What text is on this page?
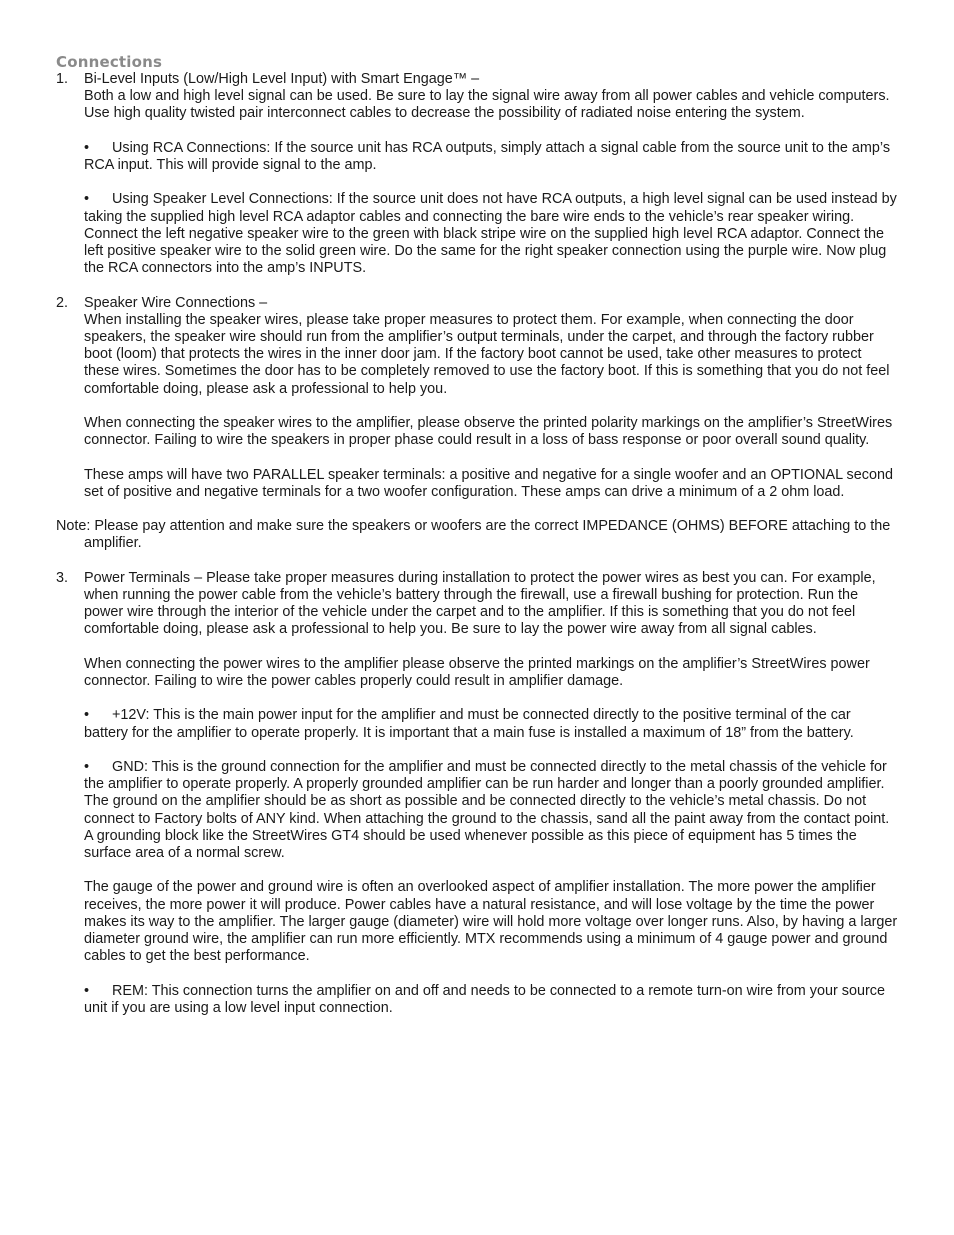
Connections
1. Bi-Level Inputs (Low/High Level Input) with Smart Engage™ –

Both a low and high level signal can be used. Be sure to lay the signal wire away from all power cables and vehicle computers. Use high quality twisted pair interconnect cables to decrease the possibility of radiated noise entering the system.

• Using RCA Connections: If the source unit has RCA outputs, simply attach a signal cable from the source unit to the amp’s RCA input. This will provide signal to the amp.

• Using Speaker Level Connections: If the source unit does not have RCA outputs, a high level signal can be used instead by taking the supplied high level RCA adaptor cables and connecting the bare wire ends to the vehicle’s rear speaker wiring. Connect the left negative speaker wire to the green with black stripe wire on the supplied high level RCA adaptor. Connect the left positive speaker wire to the solid green wire. Do the same for the right speaker connection using the purple wire. Now plug the RCA connectors into the amp’s INPUTS.

2. Speaker Wire Connections –

When installing the speaker wires, please take proper measures to protect them. For example, when connecting the door speakers, the speaker wire should run from the amplifier’s output terminals, under the carpet, and through the factory rubber boot (loom) that protects the wires in the inner door jam. If the factory boot cannot be used, take other measures to protect these wires. Sometimes the door has to be completely removed to use the factory boot. If this is something that you do not feel comfortable doing, please ask a professional to help you.

When connecting the speaker wires to the amplifier, please observe the printed polarity markings on the amplifier’s StreetWires connector. Failing to wire the speakers in proper phase could result in a loss of bass response or poor overall sound quality.

These amps will have two PARALLEL speaker terminals: a positive and negative for a single woofer and an OPTIONAL second set of positive and negative terminals for a two woofer configuration. These amps can drive a minimum of a 2 ohm load.

Note: Please pay attention and make sure the speakers or woofers are the correct IMPEDANCE (OHMS) BEFORE attaching to the amplifier.

3. Power Terminals – Please take proper measures during installation to protect the power wires as best you can. For example, when running the power cable from the vehicle’s battery through the firewall, use a firewall bushing for protection. Run the power wire through the interior of the vehicle under the carpet and to the amplifier. If this is something that you do not feel comfortable doing, please ask a professional to help you. Be sure to lay the power wire away from all signal cables.

When connecting the power wires to the amplifier please observe the printed markings on the amplifier’s StreetWires power connector. Failing to wire the power cables properly could result in amplifier damage.

• +12V: This is the main power input for the amplifier and must be connected directly to the positive terminal of the car battery for the amplifier to operate properly. It is important that a main fuse is installed a maximum of 18” from the battery.

• GND: This is the ground connection for the amplifier and must be connected directly to the metal chassis of the vehicle for the amplifier to operate properly. A properly grounded amplifier can be run harder and longer than a poorly grounded amplifier. The ground on the amplifier should be as short as possible and be connected directly to the vehicle’s metal chassis. Do not connect to Factory bolts of ANY kind. When attaching the ground to the chassis, sand all the paint away from the contact point. A grounding block like the StreetWires GT4 should be used whenever possible as this piece of equipment has 5 times the surface area of a normal screw.

The gauge of the power and ground wire is often an overlooked aspect of amplifier installation. The more power the amplifier receives, the more power it will produce. Power cables have a natural resistance, and will lose voltage by the time the power makes its way to the amplifier. The larger gauge (diameter) wire will hold more voltage over longer runs. Also, by having a larger diameter ground wire, the amplifier can run more efficiently. MTX recommends using a minimum of 4 gauge power and ground cables to get the best performance.

• REM: This connection turns the amplifier on and off and needs to be connected to a remote turn-on wire from your source unit if you are using a low level input connection.
